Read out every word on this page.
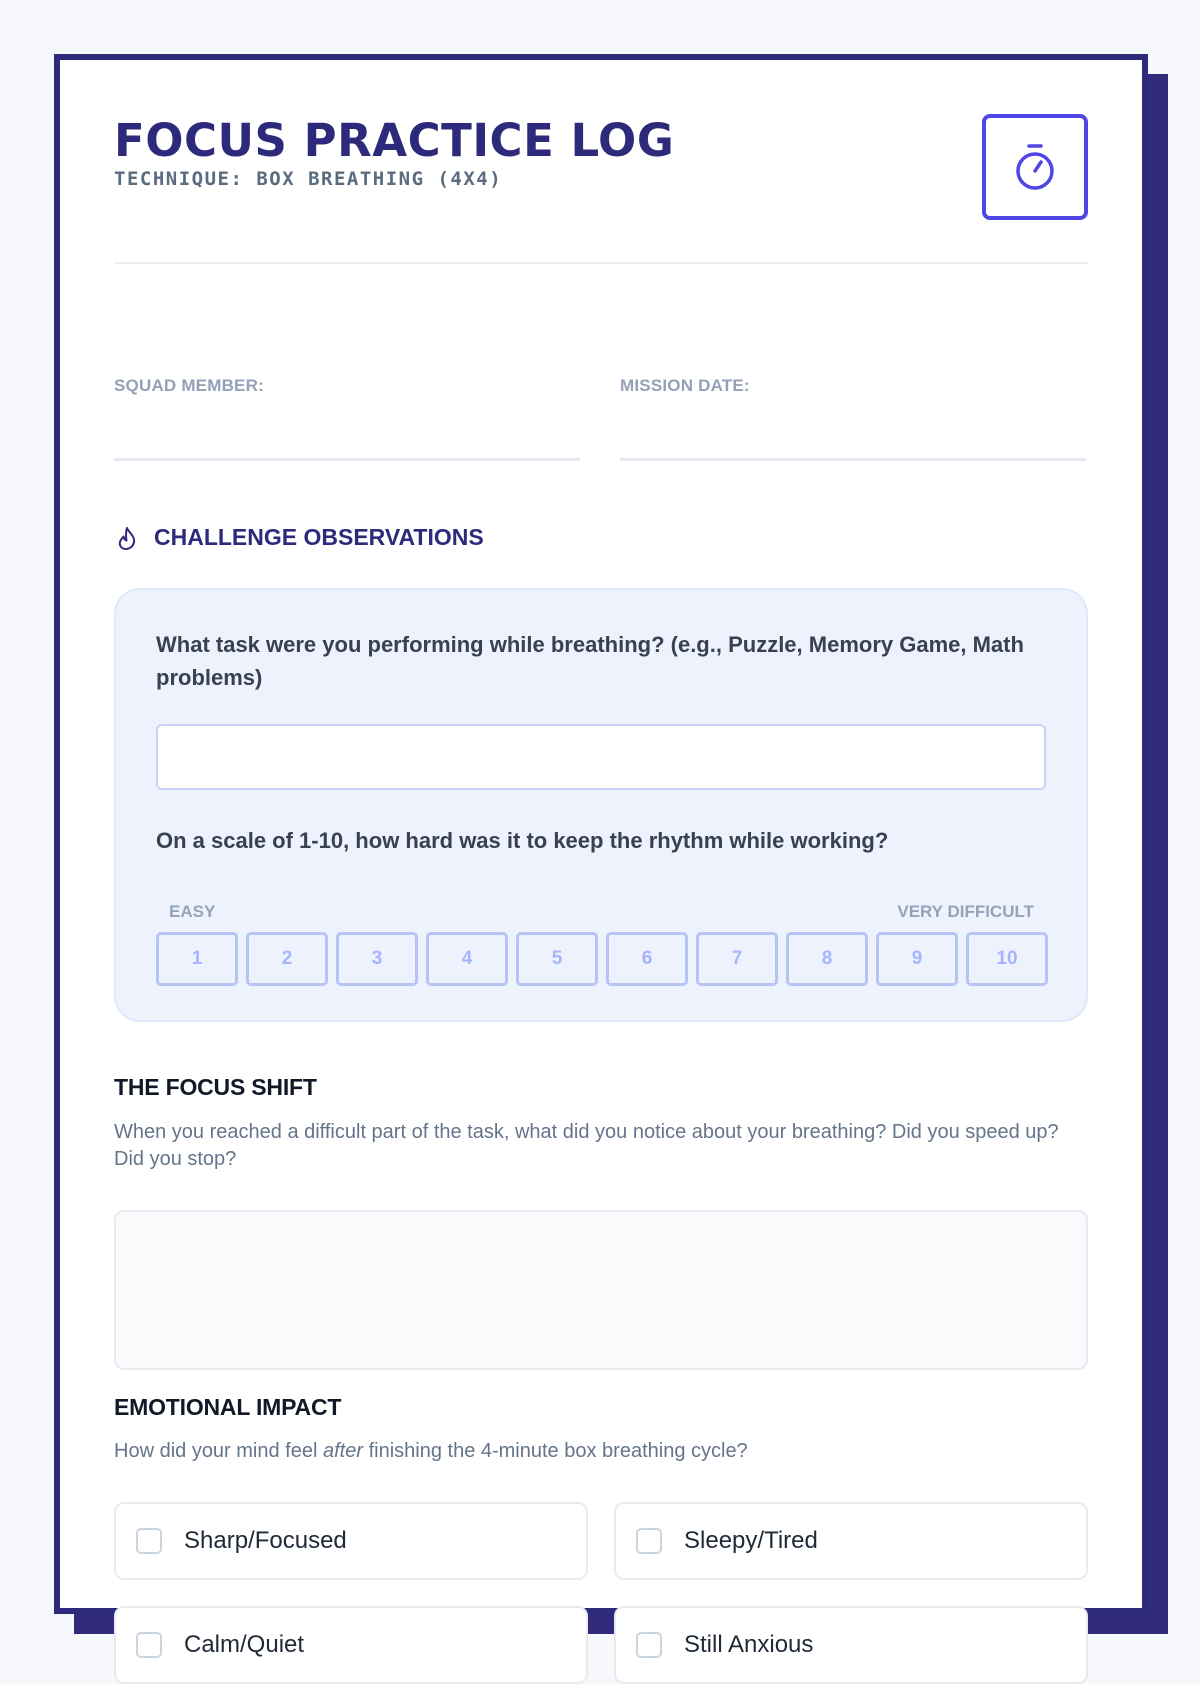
FOCUS PRACTICE LOG
TECHNIQUE: BOX BREATHING (4X4)
SQUAD MEMBER:	MISSION DATE:
CHALLENGE OBSERVATIONS
What task were you performing while breathing? (e.g., Puzzle, Memory Game, Math problems)
On a scale of 1-10, how hard was it to keep the rhythm while working?
EASY	VERY DIFFICULT
1	2	3	4	5	6	7	8	9	10
THE FOCUS SHIFT
When you reached a difficult part of the task, what did you notice about your breathing? Did you speed up? Did you stop?
EMOTIONAL IMPACT
How did your mind feel after finishing the 4-minute box breathing cycle?
Sharp/Focused	Sleepy/Tired
Calm/Quiet	Still Anxious
